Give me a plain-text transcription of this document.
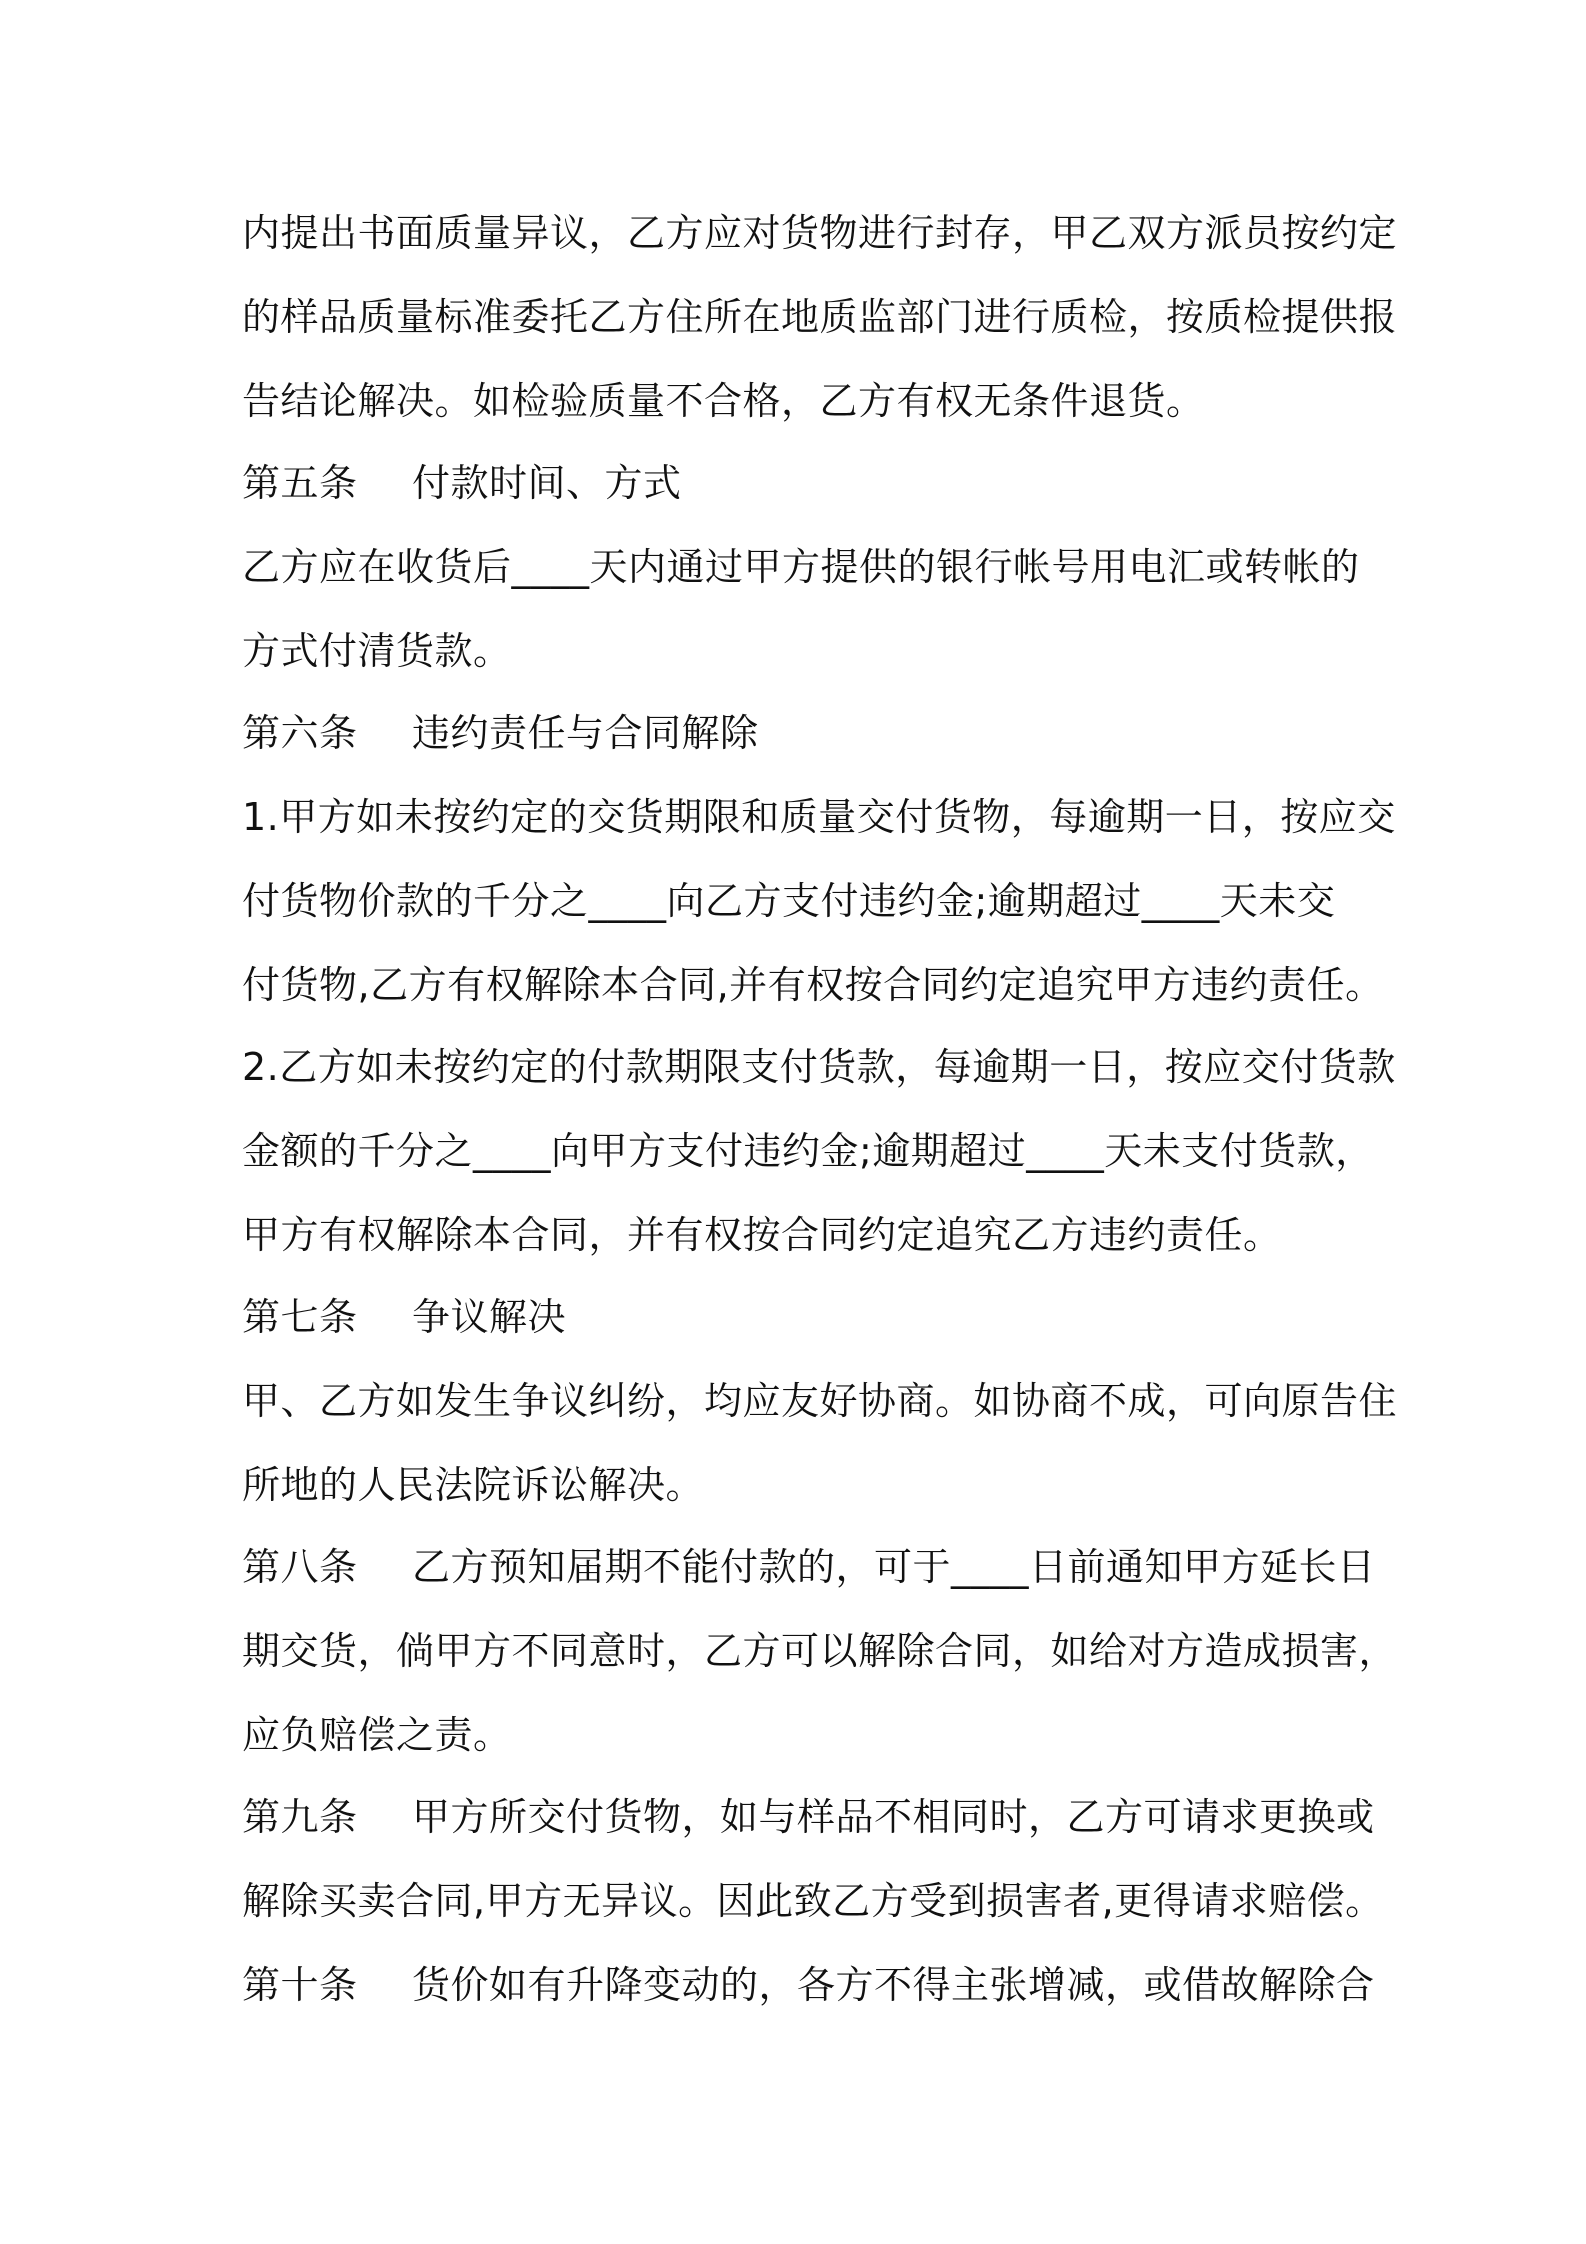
内提出书面质量异议，乙方应对货物进行封存，甲乙双方派员按约定
的样品质量标准委托乙方住所在地质监部门进行质检，按质检提供报
告结论解决。如检验质量不合格，乙方有权无条件退货。
第五条 付款时间、方式
乙方应在收货后____天内通过甲方提供的银行帐号用电汇或转帐的
方式付清货款。
第六条 违约责任与合同解除
1.甲方如未按约定的交货期限和质量交付货物，每逾期一日，按应交
付货物价款的千分之____向乙方支付违约金;逾期超过____天未交
付货物,乙方有权解除本合同,并有权按合同约定追究甲方违约责任。
2.乙方如未按约定的付款期限支付货款，每逾期一日，按应交付货款
金额的千分之____向甲方支付违约金;逾期超过____天未支付货款，
甲方有权解除本合同，并有权按合同约定追究乙方违约责任。
第七条 争议解决
甲、乙方如发生争议纠纷，均应友好协商。如协商不成，可向原告住
所地的人民法院诉讼解决。
第八条 乙方预知届期不能付款的，可于____日前通知甲方延长日
期交货，倘甲方不同意时，乙方可以解除合同，如给对方造成损害，
应负赔偿之责。
第九条 甲方所交付货物，如与样品不相同时，乙方可请求更换或
解除买卖合同,甲方无异议。因此致乙方受到损害者,更得请求赔偿。
第十条 货价如有升降变动的，各方不得主张增减，或借故解除合
